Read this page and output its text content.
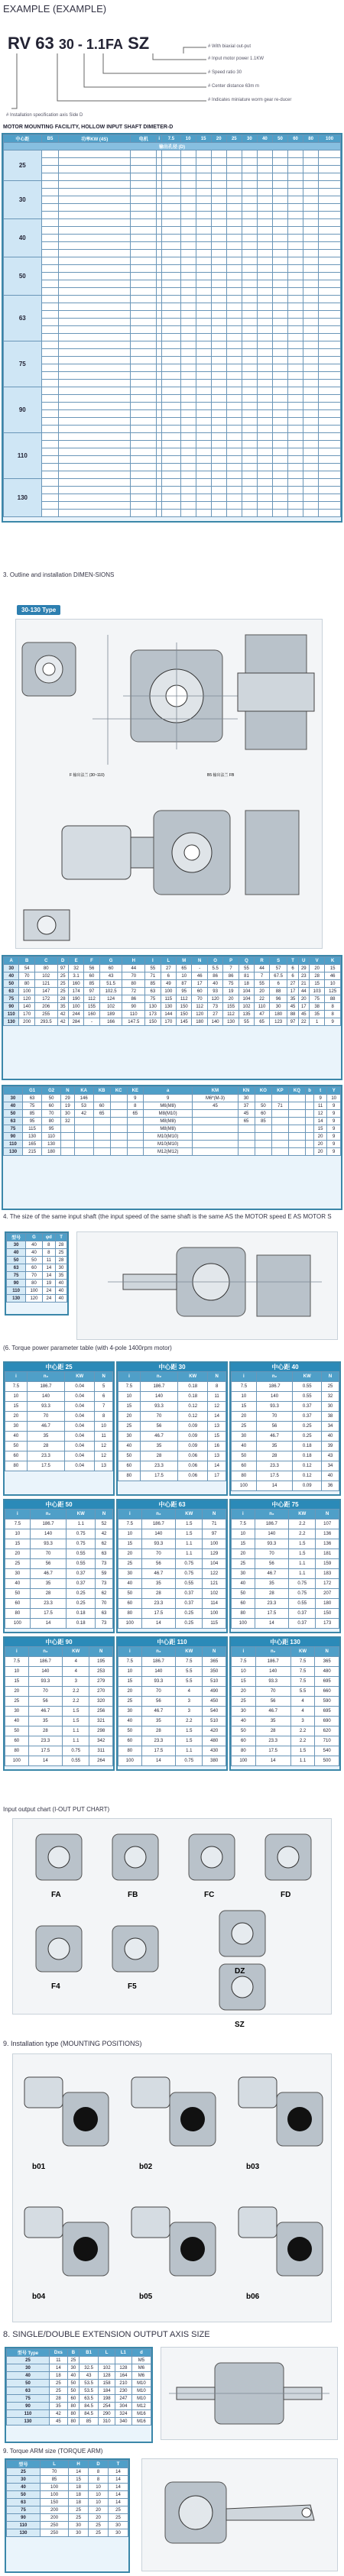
EXAMPLE (EXAMPLE)
RV 63 30 - 1.1FA SZ	# With biaxial out-put
# Input motor power 1.1KW
# Speed ratio 30
# Center distance 63m m
# Indicates miniature worm gear re-ducer
# Installation specification axis Side D
MOTOR MOUNTING FACILITY, HOLLOW INPUT SHAFT DIMETER-D
中心距	B5	功率KW (4S)	电机	i	7.5	10	15	20	25	30	40	50	60	80	100
输出孔径 (D)															
25															

30															

40															

50															

63															

75															

90															

110															

130															

3. Outline and installation DIMEN-SIONS
30-130 Type
F 输出法兰 (30~110)	B5 输出法兰 FB
A	B	C	D	E	F	G	H	I	L	M	N	O	P	Q	R	S	T	U	V	K
30	54	80	97	32	56	60	44	55	27	65	-	5.5	7	55	44	57	6	29	20	15
40	70	102	25	3.1	60	43	70	71	6	10	46	86	86	81	7	67.5	6	23	28	46
50	80	121	25	160	85	51.5	80	85	49	87	17	40	75	18	55	6	27	21	15	10
63	100	147	25	174	97	102.5	72	63	100	95	60	93	19	104	20	88	17	44	103	125
75	120	172	28	190	112	124	86	75	115	112	70	120	20	104	22	96	35	20	75	88
90	140	206	35	100	155	102	90	130	130	150	112	73	155	102	110	30	45	17	38	8
110	170	255	42	244	160	189	110	173	144	150	120	27	112	135	47	180	88	45	35	8
130	200	293.5	42	284	-	166	147.5	150	170	145	180	140	130	55	65	123	97	22	1	9
	G1	G2	N	KA	KB	KC	KE	a	KM	KN	KO	KP	KQ	b	t	Y
30	63	50	29	146			9	9	M6*(M-3)	30					9	10
40	75	60	19	53	60		8	M6(M8)	45	37	50	71			11	9
50	85	70	30	42	65		65	M8(M10)		45	60				12	9
63	95	80	32					M8(M8)		65	85				14	9
75	115	95						M8(M8)							15	9
90	130	110						M10(M10)							20	9
110	165	130						M10(M10)							20	9
130	215	180						M12(M12)							20	9
4. The size of the same input shaft (the input speed of the same shaft is the same AS the MOTOR speed E AS MOTOR S
型号	G	φd	T
30	40	8	28
40	40	8	25
50	50	11	28
63	60	14	30
75	70	14	35
90	80	19	40
110	100	24	40
130	120	24	40
(6. Torque power parameter table (with 4-pole 1400rpm motor)
中心距 25
i	n₂	KW	N
7.5	186.7	0.04	5
10	140	0.04	6
15	93.3	0.04	7
20	70	0.04	8
30	46.7	0.04	10
40	35	0.04	11
50	28	0.04	12
60	23.3	0.04	12
80	17.5	0.04	13
中心距 30
i	n₂	KW	N
7.5	186.7	0.18	8
10	140	0.18	11
15	93.3	0.12	12
20	70	0.12	14
25	56	0.09	13
30	46.7	0.09	15
40	35	0.09	16
50	28	0.06	13
60	23.3	0.06	14
80	17.5	0.06	17
中心距 40
i	n₂	KW	N
7.5	186.7	0.55	25
10	140	0.55	32
15	93.3	0.37	30
20	70	0.37	38
25	56	0.25	34
30	46.7	0.25	40
40	35	0.18	39
50	28	0.18	43
60	23.3	0.12	34
80	17.5	0.12	40
100	14	0.09	36
中心距 50
i	n₂	KW	N
7.5	186.7	1.1	52
10	140	0.75	42
15	93.3	0.75	62
20	70	0.55	63
25	56	0.55	73
30	46.7	0.37	59
40	35	0.37	73
50	28	0.25	62
60	23.3	0.25	70
80	17.5	0.18	63
100	14	0.18	73
中心距 63
i	n₂	KW	N
7.5	186.7	1.5	71
10	140	1.5	97
15	93.3	1.1	100
20	70	1.1	129
25	56	0.75	104
30	46.7	0.75	122
40	35	0.55	121
50	28	0.37	102
60	23.3	0.37	114
80	17.5	0.25	100
100	14	0.25	115
中心距 75
i	n₂	KW	N
7.5	186.7	2.2	107
10	140	2.2	136
15	93.3	1.5	136
20	70	1.5	181
25	56	1.1	159
30	46.7	1.1	183
40	35	0.75	172
50	28	0.75	207
60	23.3	0.55	180
80	17.5	0.37	150
100	14	0.37	173
中心距 90
i	n₂	KW	N
7.5	186.7	4	195
10	140	4	253
15	93.3	3	279
20	70	2.2	270
25	56	2.2	320
30	46.7	1.5	256
40	35	1.5	321
50	28	1.1	298
60	23.3	1.1	342
80	17.5	0.75	311
100	14	0.55	264
中心距 110
i	n₂	KW	N
7.5	186.7	7.5	365
10	140	5.5	350
15	93.3	5.5	510
20	70	4	490
25	56	3	450
30	46.7	3	540
40	35	2.2	510
50	28	1.5	420
60	23.3	1.5	480
80	17.5	1.1	430
100	14	0.75	380
中心距 130
i	n₂	KW	N
7.5	186.7	7.5	365
10	140	7.5	480
15	93.3	7.5	695
20	70	5.5	660
25	56	4	590
30	46.7	4	695
40	35	3	690
50	28	2.2	620
60	23.3	2.2	710
80	17.5	1.5	540
100	14	1.1	500
Input output chart (I-OUT PUT CHART)
FA	FB	FC	FD
F4	F5
SZ
DZ
9. Installation type (MOUNTING POSITIONS)
b01	b02	b03
b04	b05	b06
8. SINGLE/DOUBLE EXTENSION OUTPUT AXIS SIZE
型号 Type	Dxs	B	B1	L	L1	d
25	11	25				M5
30	14	30	32.5	102	128	M6
40	18	40	43	128	164	M6
50	25	50	53.5	158	210	M10
63	25	50	53.5	184	230	M10
75	28	60	63.5	198	247	M10
90	35	80	84.5	254	304	M12
110	42	80	84.5	290	324	M16
130	45	80	85	310	340	M16
9. Torque ARM size (TORQUE ARM)
型号	L	H	D	T
25	70	14	8	14
30	85	15	8	14
40	100	18	10	14
50	100	18	10	14
63	150	18	10	14
75	200	25	20	25
90	200	25	20	25
110	250	30	25	30
130	250	30	25	30
